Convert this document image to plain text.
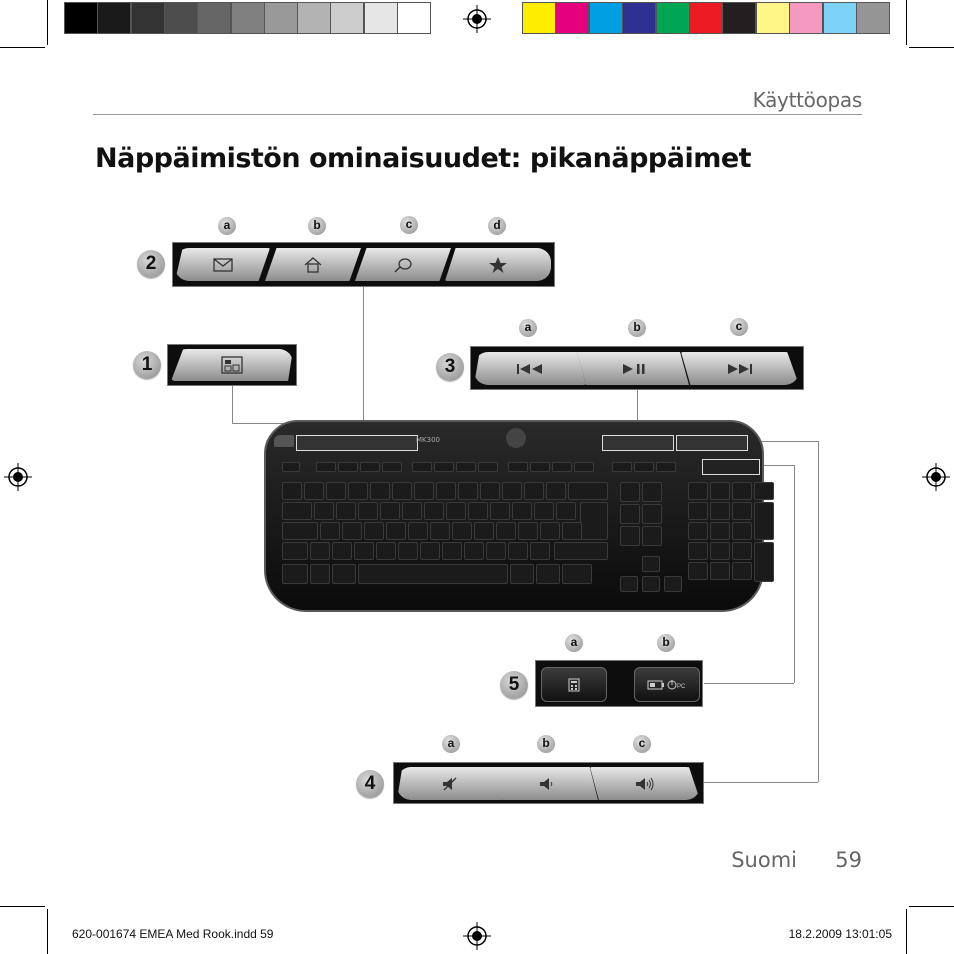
Käyttöopas
Näppäimistön ominaisuudet: pikanäppäimet
a	b	c	d
2
1
a	b	c
3
MK300
a	b
5	PC
a	b	c
4
Suomi 59
620-001674 EMEA Med Rook.indd 59	18.2.2009 13:01:05
